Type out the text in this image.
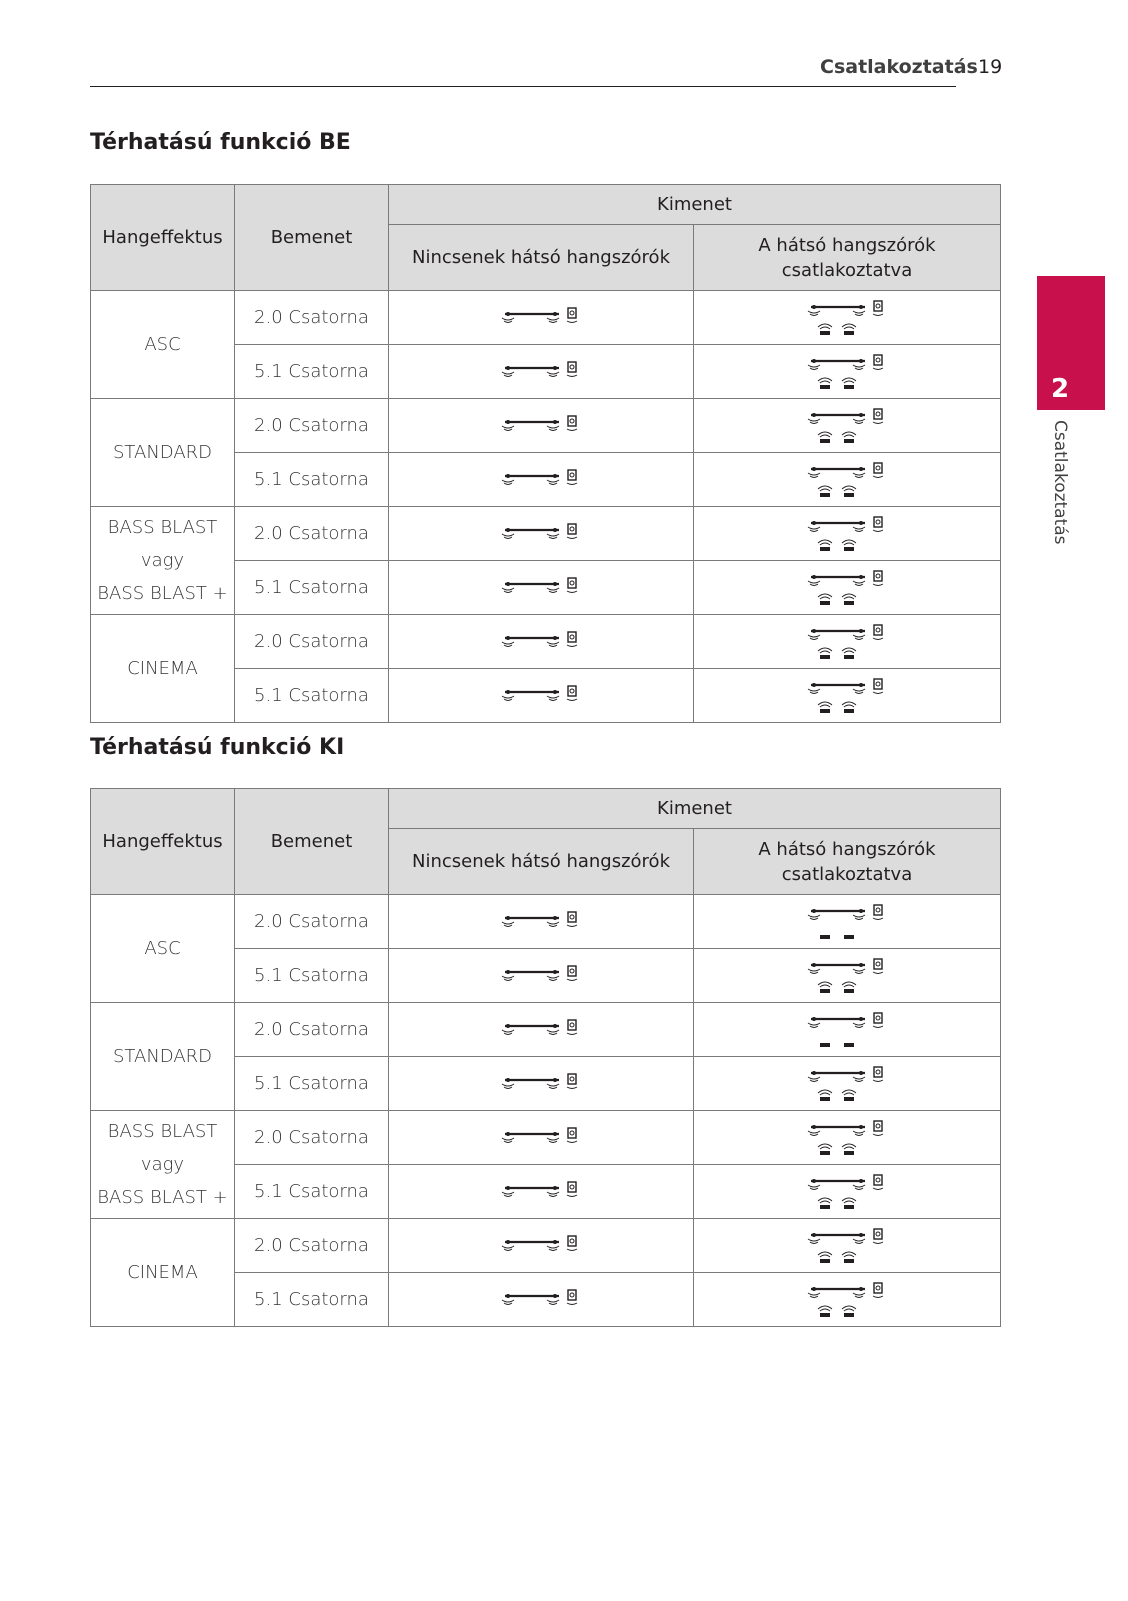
Csatlakoztatás 19
2
Csatlakoztatás
Térhatású funkció BE
Hangeffektus	Bemenet	Kimenet	
		Nincsenek hátsó hangszórók	A hátsó hangszórók csatlakoztatva

ASC	2.0 Csatorna	

	5.1 Csatorna	

STANDARD	2.0 Csatorna	

	5.1 Csatorna	

BASS BLAST
vagy
BASS BLAST +	2.0 Csatorna	

	5.1 Csatorna	

CINEMA	2.0 Csatorna	

	5.1 Csatorna	

Térhatású funkció KI
Hangeffektus	Bemenet	Kimenet	
		Nincsenek hátsó hangszórók	A hátsó hangszórók csatlakoztatva

ASC	2.0 Csatorna	

	5.1 Csatorna	

STANDARD	2.0 Csatorna	

	5.1 Csatorna	

BASS BLAST
vagy
BASS BLAST +	2.0 Csatorna	

	5.1 Csatorna	

CINEMA	2.0 Csatorna	

	5.1 Csatorna	
